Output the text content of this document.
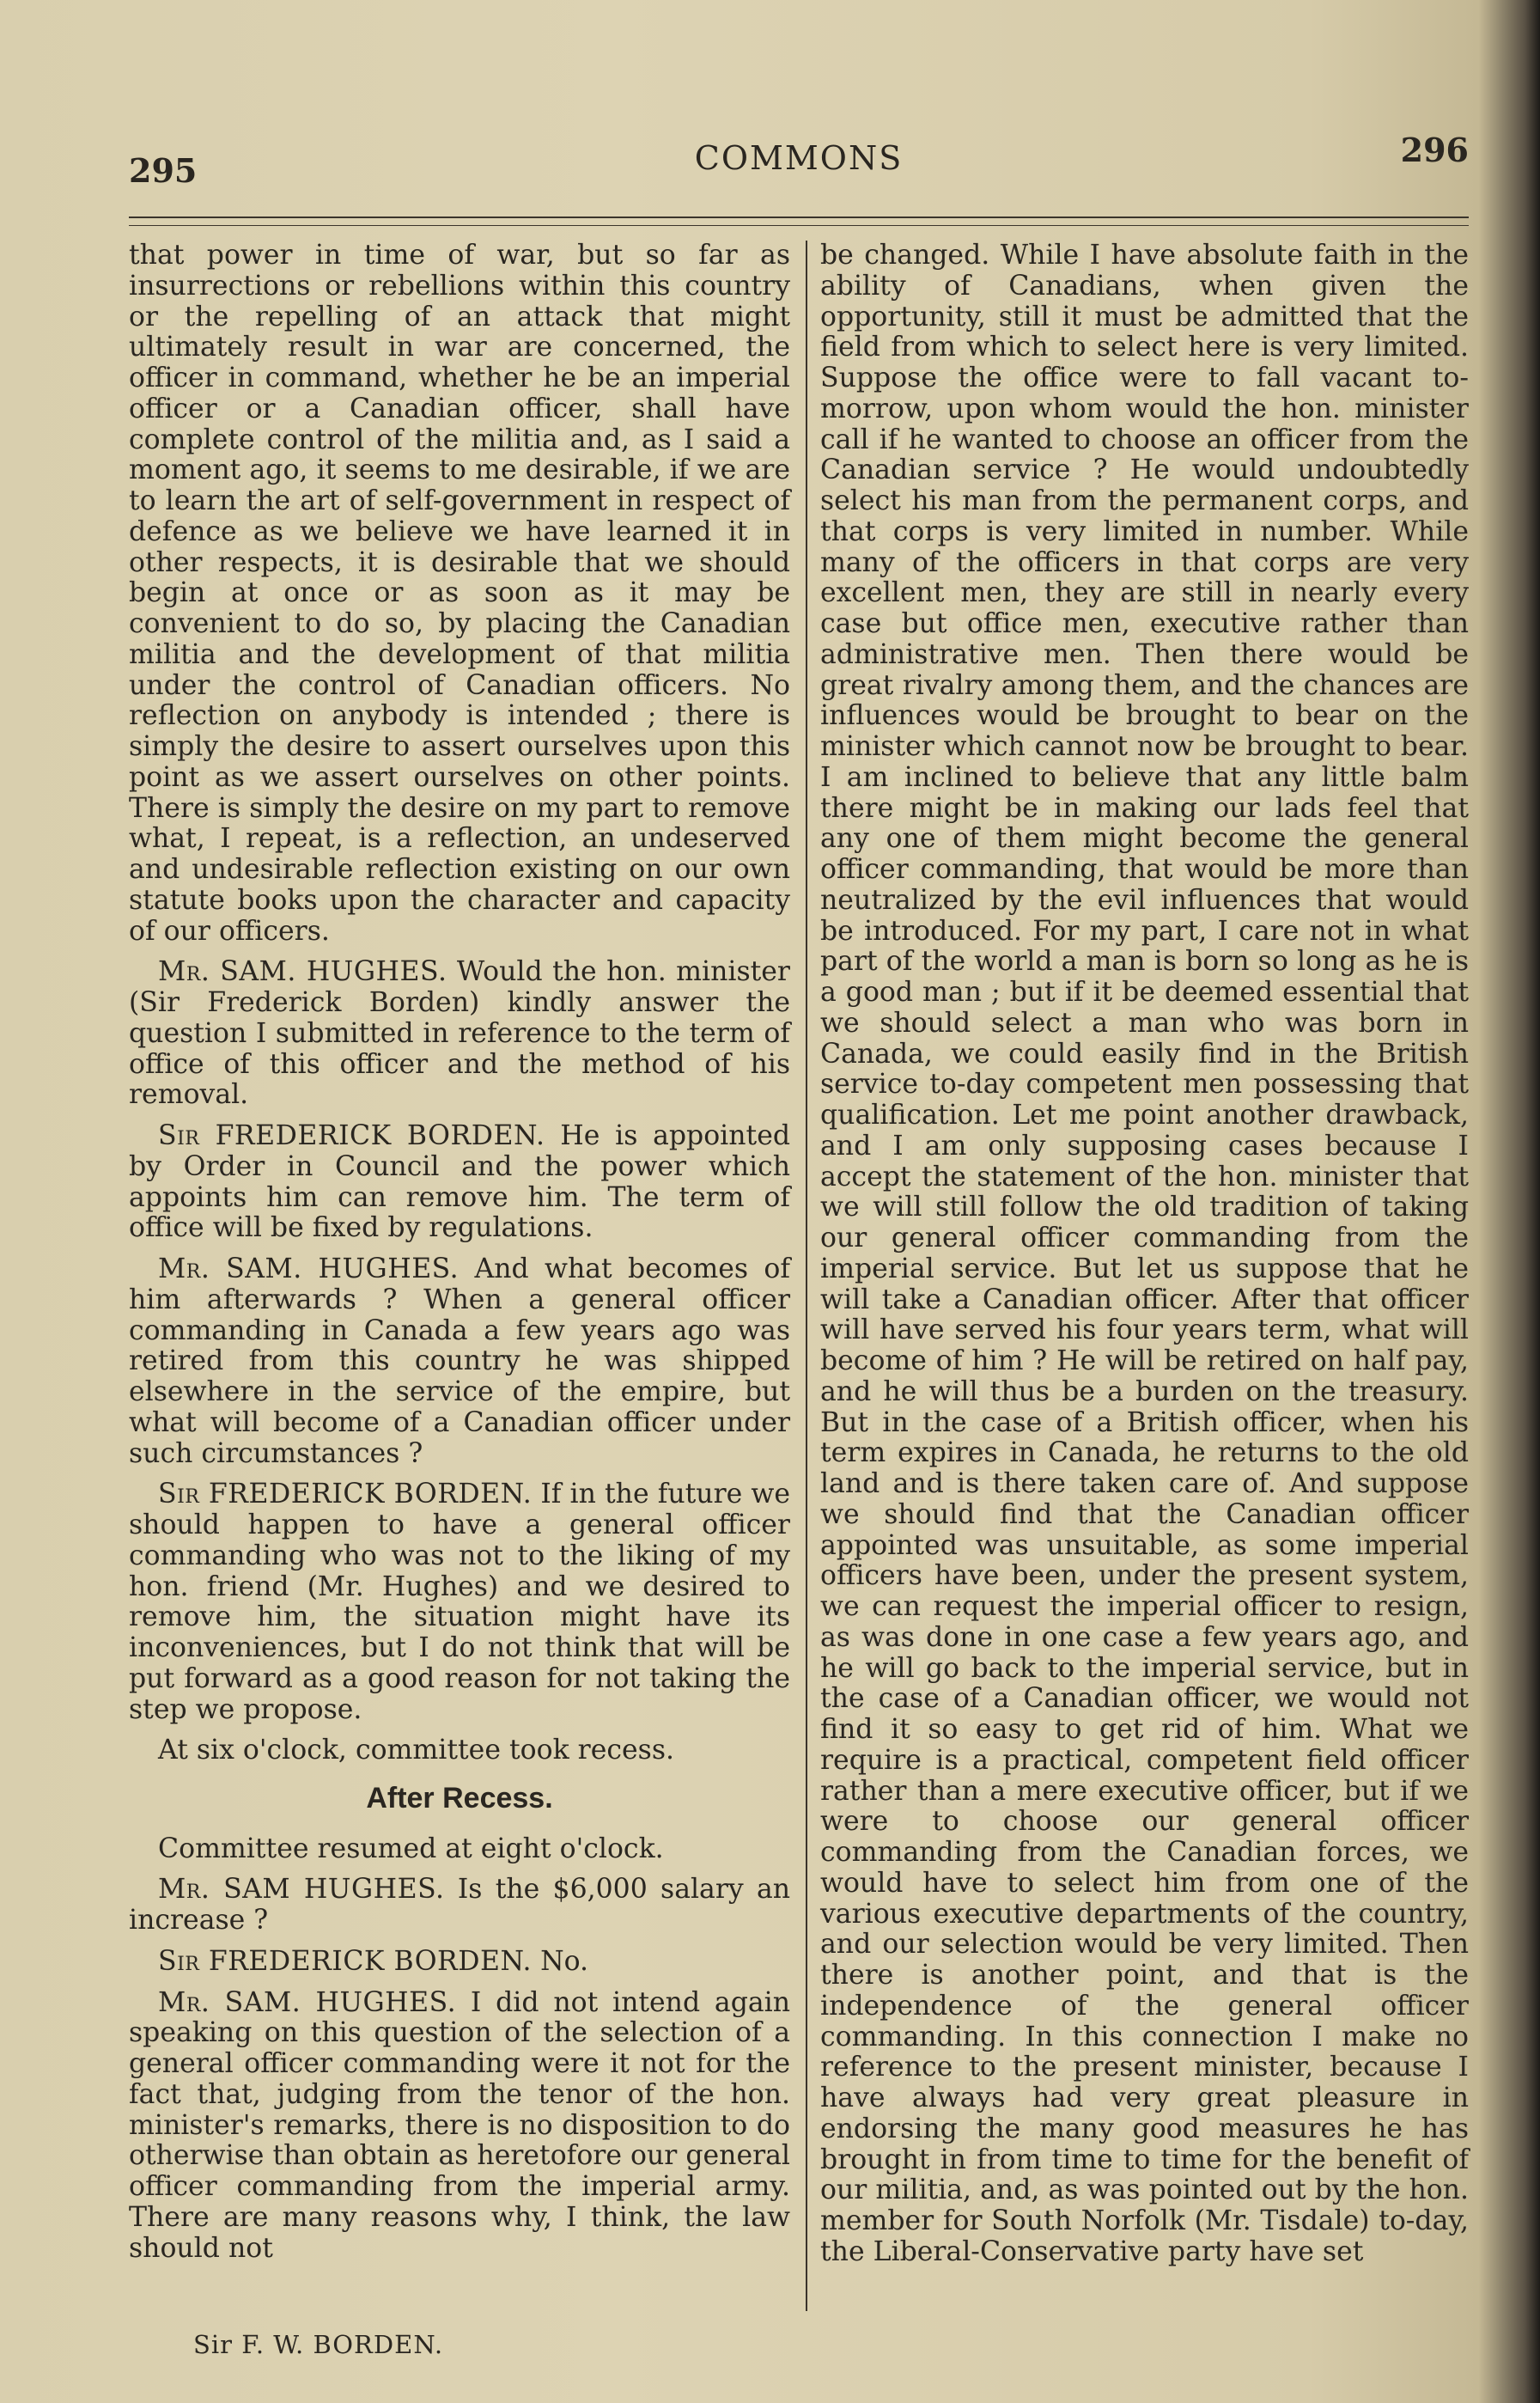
295	COMMONS	296

that power in time of war, but so far as insurrections or rebellions within this country or the repelling of an attack that might ultimately result in war are concerned, the officer in command, whether he be an imperial officer or a Canadian officer, shall have complete control of the militia and, as I said a moment ago, it seems to me desirable, if we are to learn the art of self-government in respect of defence as we believe we have learned it in other respects, it is desirable that we should begin at once or as soon as it may be convenient to do so, by placing the Canadian militia and the development of that militia under the control of Canadian officers. No reflection on anybody is intended ; there is simply the desire to assert ourselves upon this point as we assert ourselves on other points. There is simply the desire on my part to remove what, I repeat, is a reflection, an undeserved and undesirable reflection existing on our own statute books upon the character and capacity of our officers.

Mr. SAM. HUGHES. Would the hon. minister (Sir Frederick Borden) kindly answer the question I submitted in reference to the term of office of this officer and the method of his removal.

Sir FREDERICK BORDEN. He is appointed by Order in Council and the power which appoints him can remove him. The term of office will be fixed by regulations.

Mr. SAM. HUGHES. And what becomes of him afterwards ? When a general officer commanding in Canada a few years ago was retired from this country he was shipped elsewhere in the service of the empire, but what will become of a Canadian officer under such circumstances ?

Sir FREDERICK BORDEN. If in the future we should happen to have a general officer commanding who was not to the liking of my hon. friend (Mr. Hughes) and we desired to remove him, the situation might have its inconveniences, but I do not think that will be put forward as a good reason for not taking the step we propose.

At six o'clock, committee took recess.

After Recess.

Committee resumed at eight o'clock.

Mr. SAM HUGHES. Is the $6,000 salary an increase ?

Sir FREDERICK BORDEN. No.

Mr. SAM. HUGHES. I did not intend again speaking on this question of the selection of a general officer commanding were it not for the fact that, judging from the tenor of the hon. minister's remarks, there is no disposition to do otherwise than obtain as heretofore our general officer commanding from the imperial army. There are many reasons why, I think, the law should not

be changed. While I have absolute faith in the ability of Canadians, when given the opportunity, still it must be admitted that the field from which to select here is very limited. Suppose the office were to fall vacant to-morrow, upon whom would the hon. minister call if he wanted to choose an officer from the Canadian service ? He would undoubtedly select his man from the permanent corps, and that corps is very limited in number. While many of the officers in that corps are very excellent men, they are still in nearly every case but office men, executive rather than administrative men. Then there would be great rivalry among them, and the chances are influences would be brought to bear on the minister which cannot now be brought to bear. I am inclined to believe that any little balm there might be in making our lads feel that any one of them might become the general officer commanding, that would be more than neutralized by the evil influences that would be introduced. For my part, I care not in what part of the world a man is born so long as he is a good man ; but if it be deemed essential that we should select a man who was born in Canada, we could easily find in the British service to-day competent men possessing that qualification. Let me point another drawback, and I am only supposing cases because I accept the statement of the hon. minister that we will still follow the old tradition of taking our general officer commanding from the imperial service. But let us suppose that he will take a Canadian officer. After that officer will have served his four years term, what will become of him ? He will be retired on half pay, and he will thus be a burden on the treasury. But in the case of a British officer, when his term expires in Canada, he returns to the old land and is there taken care of. And suppose we should find that the Canadian officer appointed was unsuitable, as some imperial officers have been, under the present system, we can request the imperial officer to resign, as was done in one case a few years ago, and he will go back to the imperial service, but in the case of a Canadian officer, we would not find it so easy to get rid of him. What we require is a practical, competent field officer rather than a mere executive officer, but if we were to choose our general officer commanding from the Canadian forces, we would have to select him from one of the various executive departments of the country, and our selection would be very limited. Then there is another point, and that is the independence of the general officer commanding. In this connection I make no reference to the present minister, because I have always had very great pleasure in endorsing the many good measures he has brought in from time to time for the benefit of our militia, and, as was pointed out by the hon. member for South Norfolk (Mr. Tisdale) to-day, the Liberal-Conservative party have set

Sir F. W. BORDEN.
